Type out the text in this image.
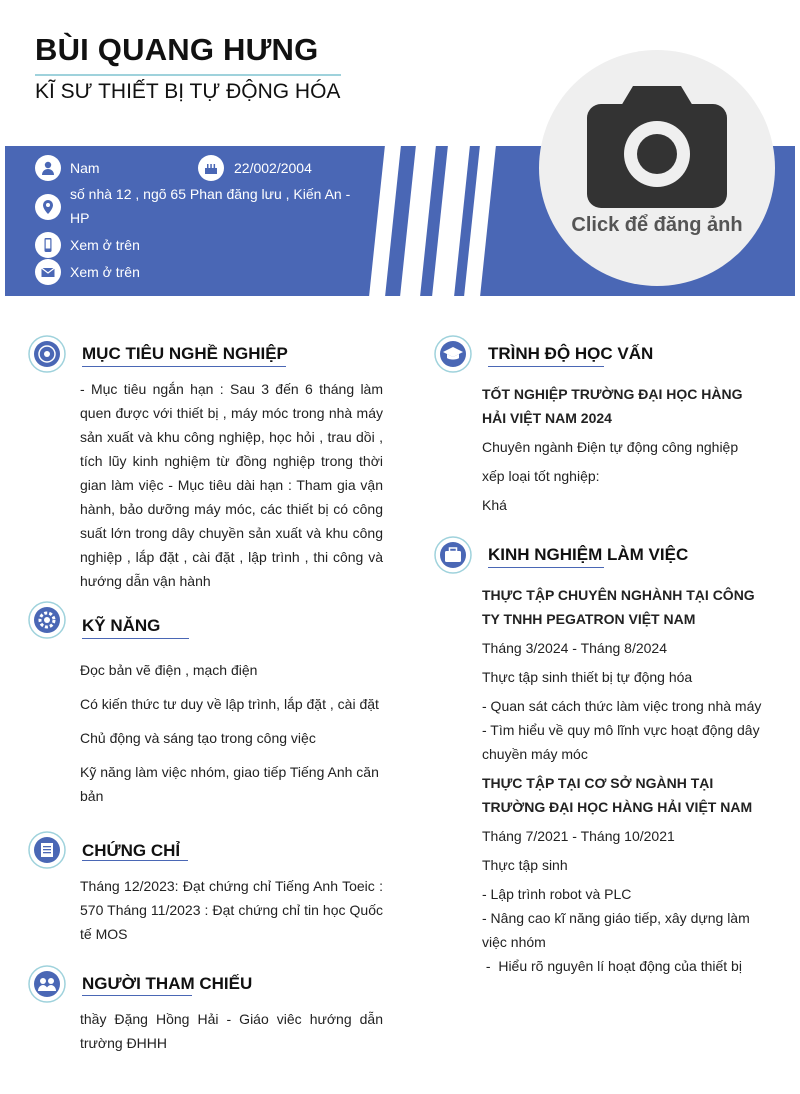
BÙI QUANG HƯNG
KĨ SƯ THIẾT BỊ TỰ ĐỘNG HÓA
Nam	22/002/2004
số nhà 12 , ngõ 65 Phan đăng lưu , Kiến An - HP
Xem ở trên
Xem ở trên
Click để đăng ảnh
MỤC TIÊU NGHỀ NGHIỆP
- Mục tiêu ngắn hạn : Sau 3 đến 6 tháng làm quen được với thiết bị , máy móc trong nhà máy sản xuất và khu công nghiệp, học hỏi , trau dồi , tích lũy kinh nghiệm từ đồng nghiệp trong thời gian làm việc - Mục tiêu dài hạn : Tham gia vận hành, bảo dưỡng máy móc, các thiết bị có công suất lớn trong dây chuyền sản xuất và khu công nghiệp , lắp đặt , cài đặt , lập trình , thi công và hướng dẫn vận hành
KỸ NĂNG
Đọc bản vẽ điện , mạch điện
Có kiến thức tư duy về lập trình, lắp đặt , cài đặt
Chủ động và sáng tạo trong công việc
Kỹ năng làm việc nhóm, giao tiếp Tiếng Anh căn bản
CHỨNG CHỈ
Tháng 12/2023: Đạt chứng chỉ Tiếng Anh Toeic : 570 Tháng 11/2023 : Đạt chứng chỉ tin học Quốc tế MOS
NGƯỜI THAM CHIẾU
thầy Đặng Hồng Hải - Giáo viêc hướng dẫn trường ĐHHH
TRÌNH ĐỘ HỌC VẤN
TỐT NGHIỆP TRƯỜNG ĐẠI HỌC HÀNG HẢI VIỆT NAM 2024
Chuyên ngành Điện tự động công nghiệp
xếp loại tốt nghiệp:
Khá
KINH NGHIỆM LÀM VIỆC
THỰC TẬP CHUYÊN NGHÀNH TẠI CÔNG TY TNHH PEGATRON VIỆT NAM
Tháng 3/2024 - Tháng 8/2024
Thực tập sinh thiết bị tự động hóa
- Quan sát cách thức làm việc trong nhà máy - Tìm hiểu về quy mô lĩnh vực hoạt động dây chuyền máy móc
THỰC TẬP TẠI CƠ SỞ NGÀNH TẠI TRƯỜNG ĐẠI HỌC HÀNG HẢI VIỆT NAM
Tháng 7/2021 - Tháng 10/2021
Thực tập sinh
- Lập trình robot và PLC
- Nâng cao kĩ năng giáo tiếp, xây dựng làm việc nhóm
-  Hiểu rõ nguyên lí hoạt động của thiết bị
